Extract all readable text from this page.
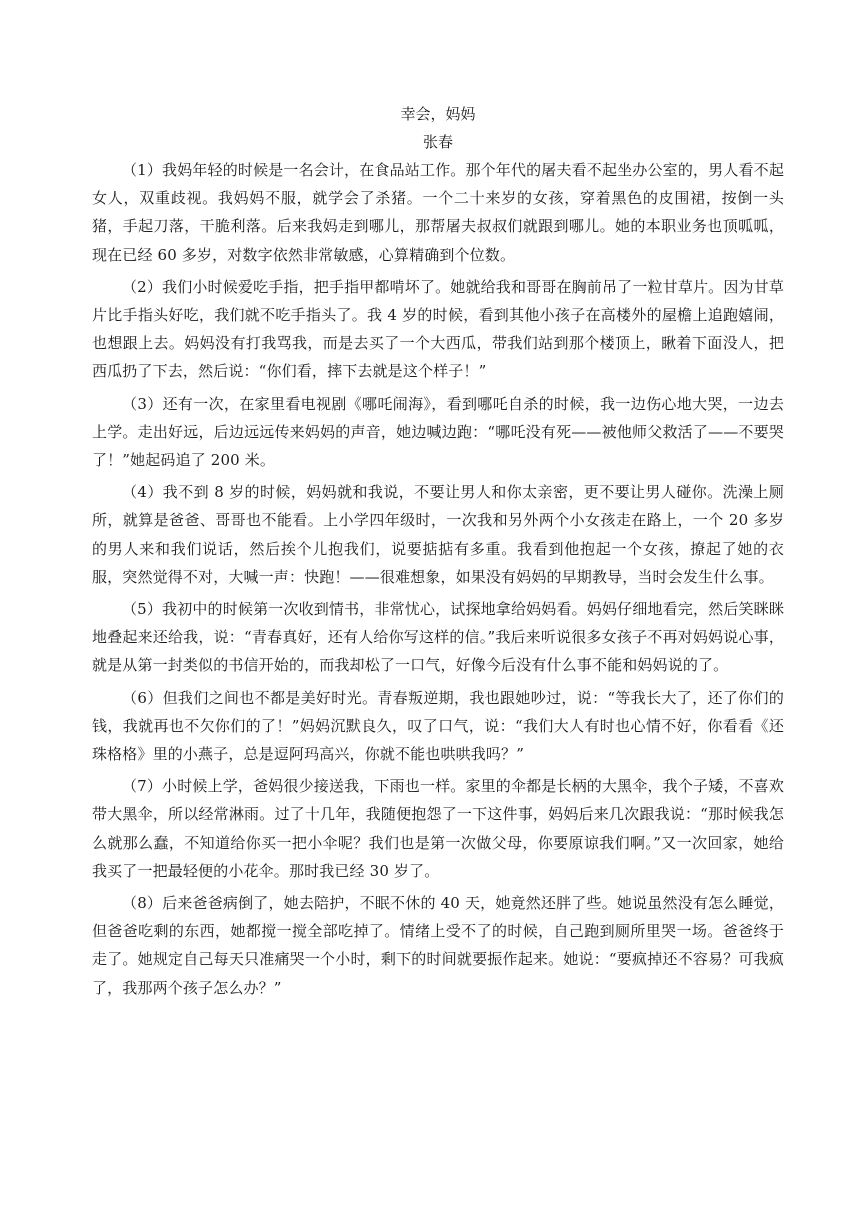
幸会，妈妈

张春

（1）我妈年轻的时候是一名会计，在食品站工作。那个年代的屠夫看不起坐办公室的，男人看不起女人，双重歧视。我妈妈不服，就学会了杀猪。一个二十来岁的女孩，穿着黑色的皮围裙，按倒一头猪，手起刀落，干脆利落。后来我妈走到哪儿，那帮屠夫叔叔们就跟到哪儿。她的本职业务也顶呱呱，现在已经 60 多岁，对数字依然非常敏感，心算精确到个位数。

（2）我们小时候爱吃手指，把手指甲都啃坏了。她就给我和哥哥在胸前吊了一粒甘草片。因为甘草片比手指头好吃，我们就不吃手指头了。我 4 岁的时候，看到其他小孩子在高楼外的屋檐上追跑嬉闹，也想跟上去。妈妈没有打我骂我，而是去买了一个大西瓜，带我们站到那个楼顶上，瞅着下面没人，把西瓜扔了下去，然后说：“你们看，摔下去就是这个样子！”

（3）还有一次，在家里看电视剧《哪吒闹海》，看到哪吒自杀的时候，我一边伤心地大哭，一边去上学。走出好远，后边远远传来妈妈的声音，她边喊边跑：“哪吒没有死——被他师父救活了——不要哭了！”她起码追了 200 米。

（4）我不到 8 岁的时候，妈妈就和我说，不要让男人和你太亲密，更不要让男人碰你。洗澡上厕所，就算是爸爸、哥哥也不能看。上小学四年级时，一次我和另外两个小女孩走在路上，一个 20 多岁的男人来和我们说话，然后挨个儿抱我们，说要掂掂有多重。我看到他抱起一个女孩，撩起了她的衣服，突然觉得不对，大喊一声：快跑！——很难想象，如果没有妈妈的早期教导，当时会发生什么事。

（5）我初中的时候第一次收到情书，非常忧心，试探地拿给妈妈看。妈妈仔细地看完，然后笑眯眯地叠起来还给我，说：“青春真好，还有人给你写这样的信。”我后来听说很多女孩子不再对妈妈说心事，就是从第一封类似的书信开始的，而我却松了一口气，好像今后没有什么事不能和妈妈说的了。

（6）但我们之间也不都是美好时光。青春叛逆期，我也跟她吵过，说：“等我长大了，还了你们的钱，我就再也不欠你们的了！”妈妈沉默良久，叹了口气，说：“我们大人有时也心情不好，你看看《还珠格格》里的小燕子，总是逗阿玛高兴，你就不能也哄哄我吗？”

（7）小时候上学，爸妈很少接送我，下雨也一样。家里的伞都是长柄的大黑伞，我个子矮，不喜欢带大黑伞，所以经常淋雨。过了十几年，我随便抱怨了一下这件事，妈妈后来几次跟我说：“那时候我怎么就那么蠢，不知道给你买一把小伞呢？我们也是第一次做父母，你要原谅我们啊。”又一次回家，她给我买了一把最轻便的小花伞。那时我已经 30 岁了。

（8）后来爸爸病倒了，她去陪护，不眠不休的 40 天，她竟然还胖了些。她说虽然没有怎么睡觉，但爸爸吃剩的东西，她都搅一搅全部吃掉了。情绪上受不了的时候，自己跑到厕所里哭一场。爸爸终于走了。她规定自己每天只准痛哭一个小时，剩下的时间就要振作起来。她说：“要疯掉还不容易？可我疯了，我那两个孩子怎么办？”
